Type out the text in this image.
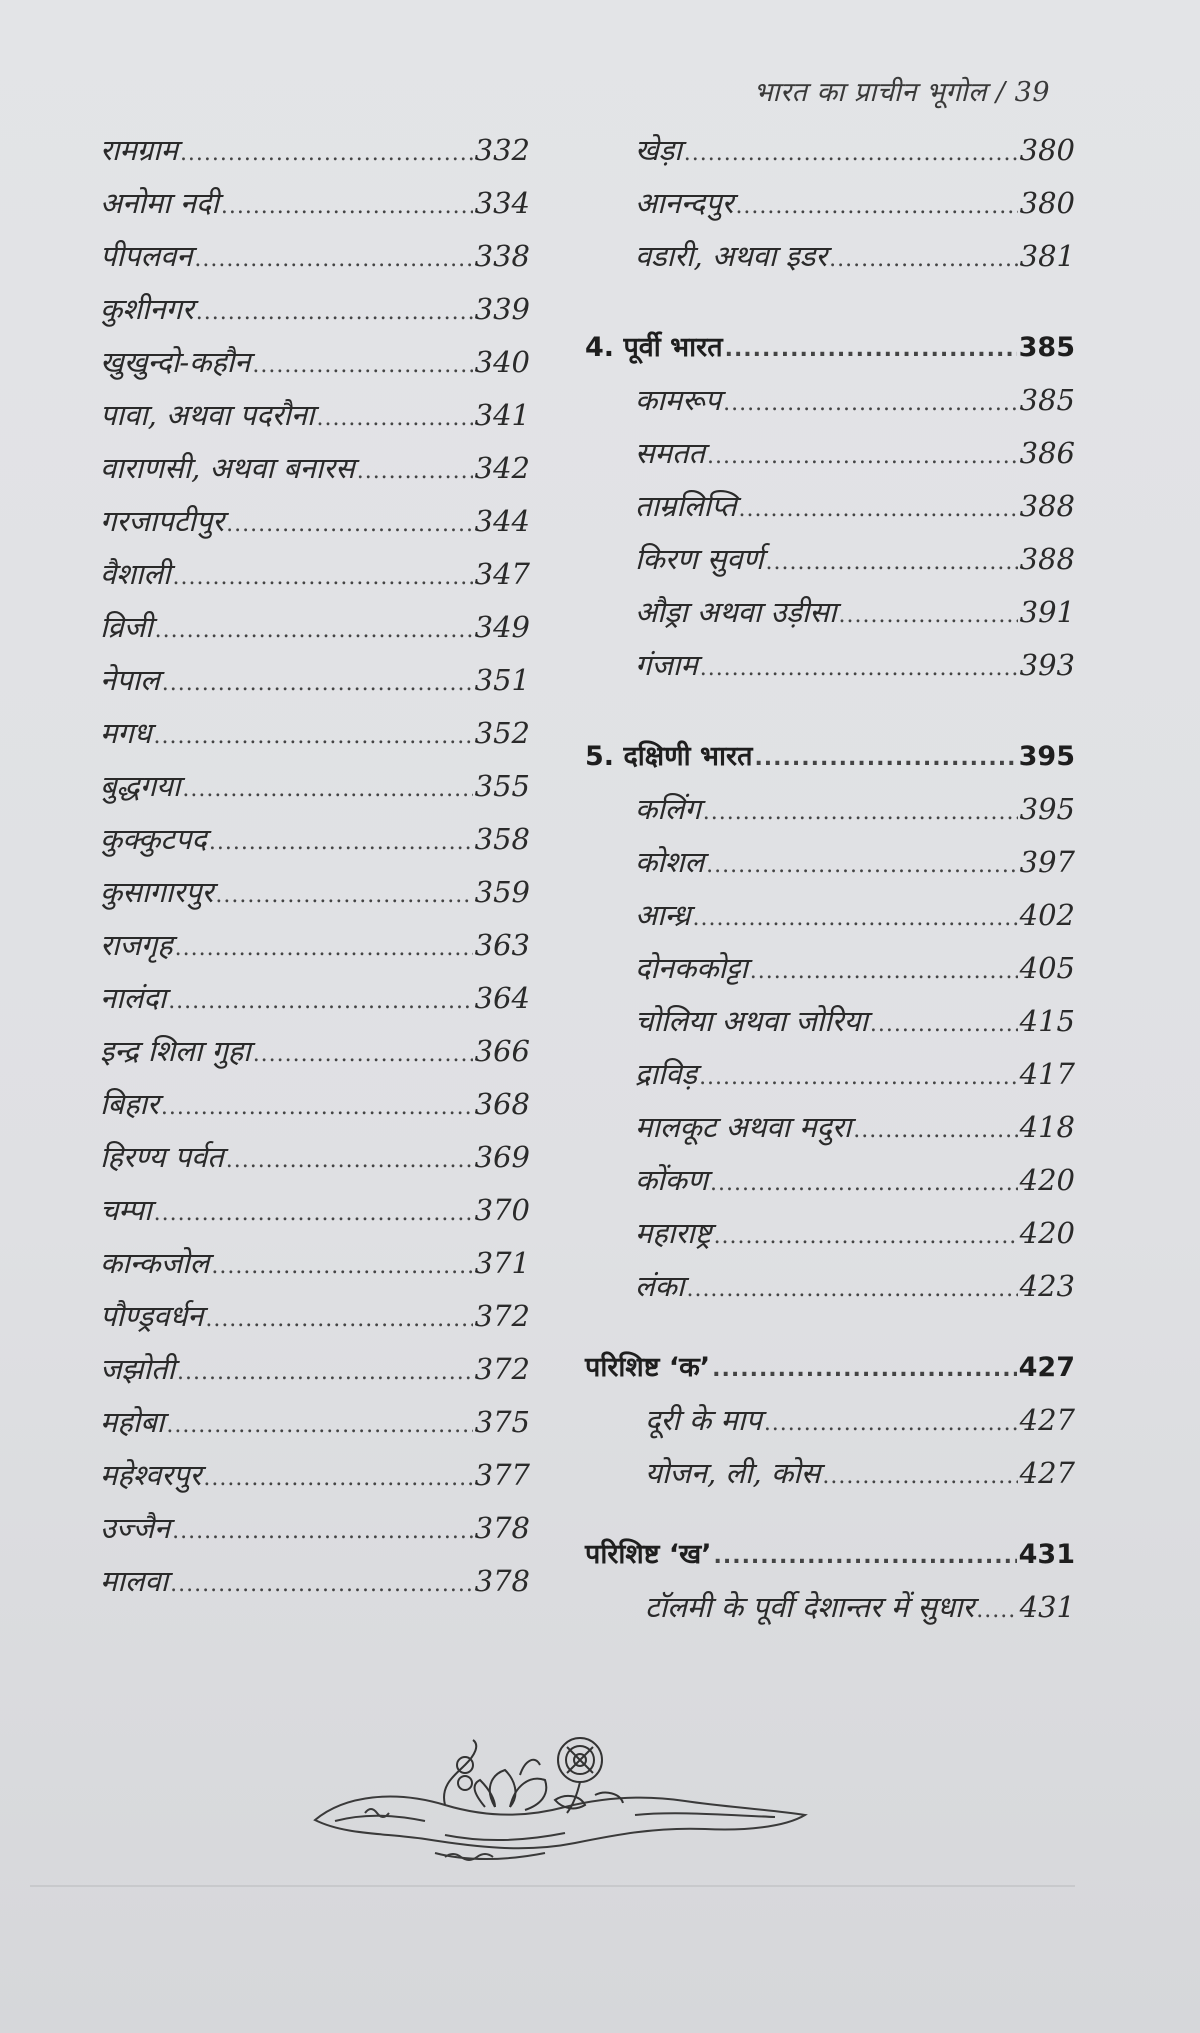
भारत का प्राचीन भूगोल / 39
रामग्राम .....	332
अनोमा नदी .....	334
पीपलवन .....	338
कुशीनगर .....	339
खुखुन्दो-कहौन .....	340
पावा, अथवा पदरौना .....	341
वाराणसी, अथवा बनारस .....	342
गरजापटीपुर .....	344
वैशाली .....	347
व्रिजी .....	349
नेपाल .....	351
मगध .....	352
बुद्धगया .....	355
कुक्कुटपद .....	358
कुसागारपुर .....	359
राजगृह .....	363
नालंदा .....	364
इन्द्र शिला गुहा .....	366
बिहार .....	368
हिरण्य पर्वत .....	369
चम्पा .....	370
कान्कजोल .....	371
पौण्ड्रवर्धन .....	372
जझोती .....	372
महोबा .....	375
महेश्वरपुर .....	377
उज्जैन .....	378
मालवा .....	378
खेड़ा .....	380
आनन्दपुर .....	380
वडारी, अथवा इडर .....	381
4. पूर्वी भारत .....	385
कामरूप .....	385
समतत .....	386
ताम्रलिप्ति .....	388
किरण सुवर्ण .....	388
औड्रा अथवा उड़ीसा .....	391
गंजाम .....	393
5. दक्षिणी भारत .....	395
कलिंग .....	395
कोशल .....	397
आन्ध्र .....	402
दोनककोट्टा .....	405
चोलिया अथवा जोरिया .....	415
द्राविड़ .....	417
मालकूट अथवा मदुरा .....	418
कोंकण .....	420
महाराष्ट्र .....	420
लंका .....	423
परिशिष्ट ‘क’ .....	427
दूरी के माप .....	427
योजन, ली, कोस .....	427
परिशिष्ट ‘ख’ .....	431
टॉलमी के पूर्वी देशान्तर में सुधार ..... 431
